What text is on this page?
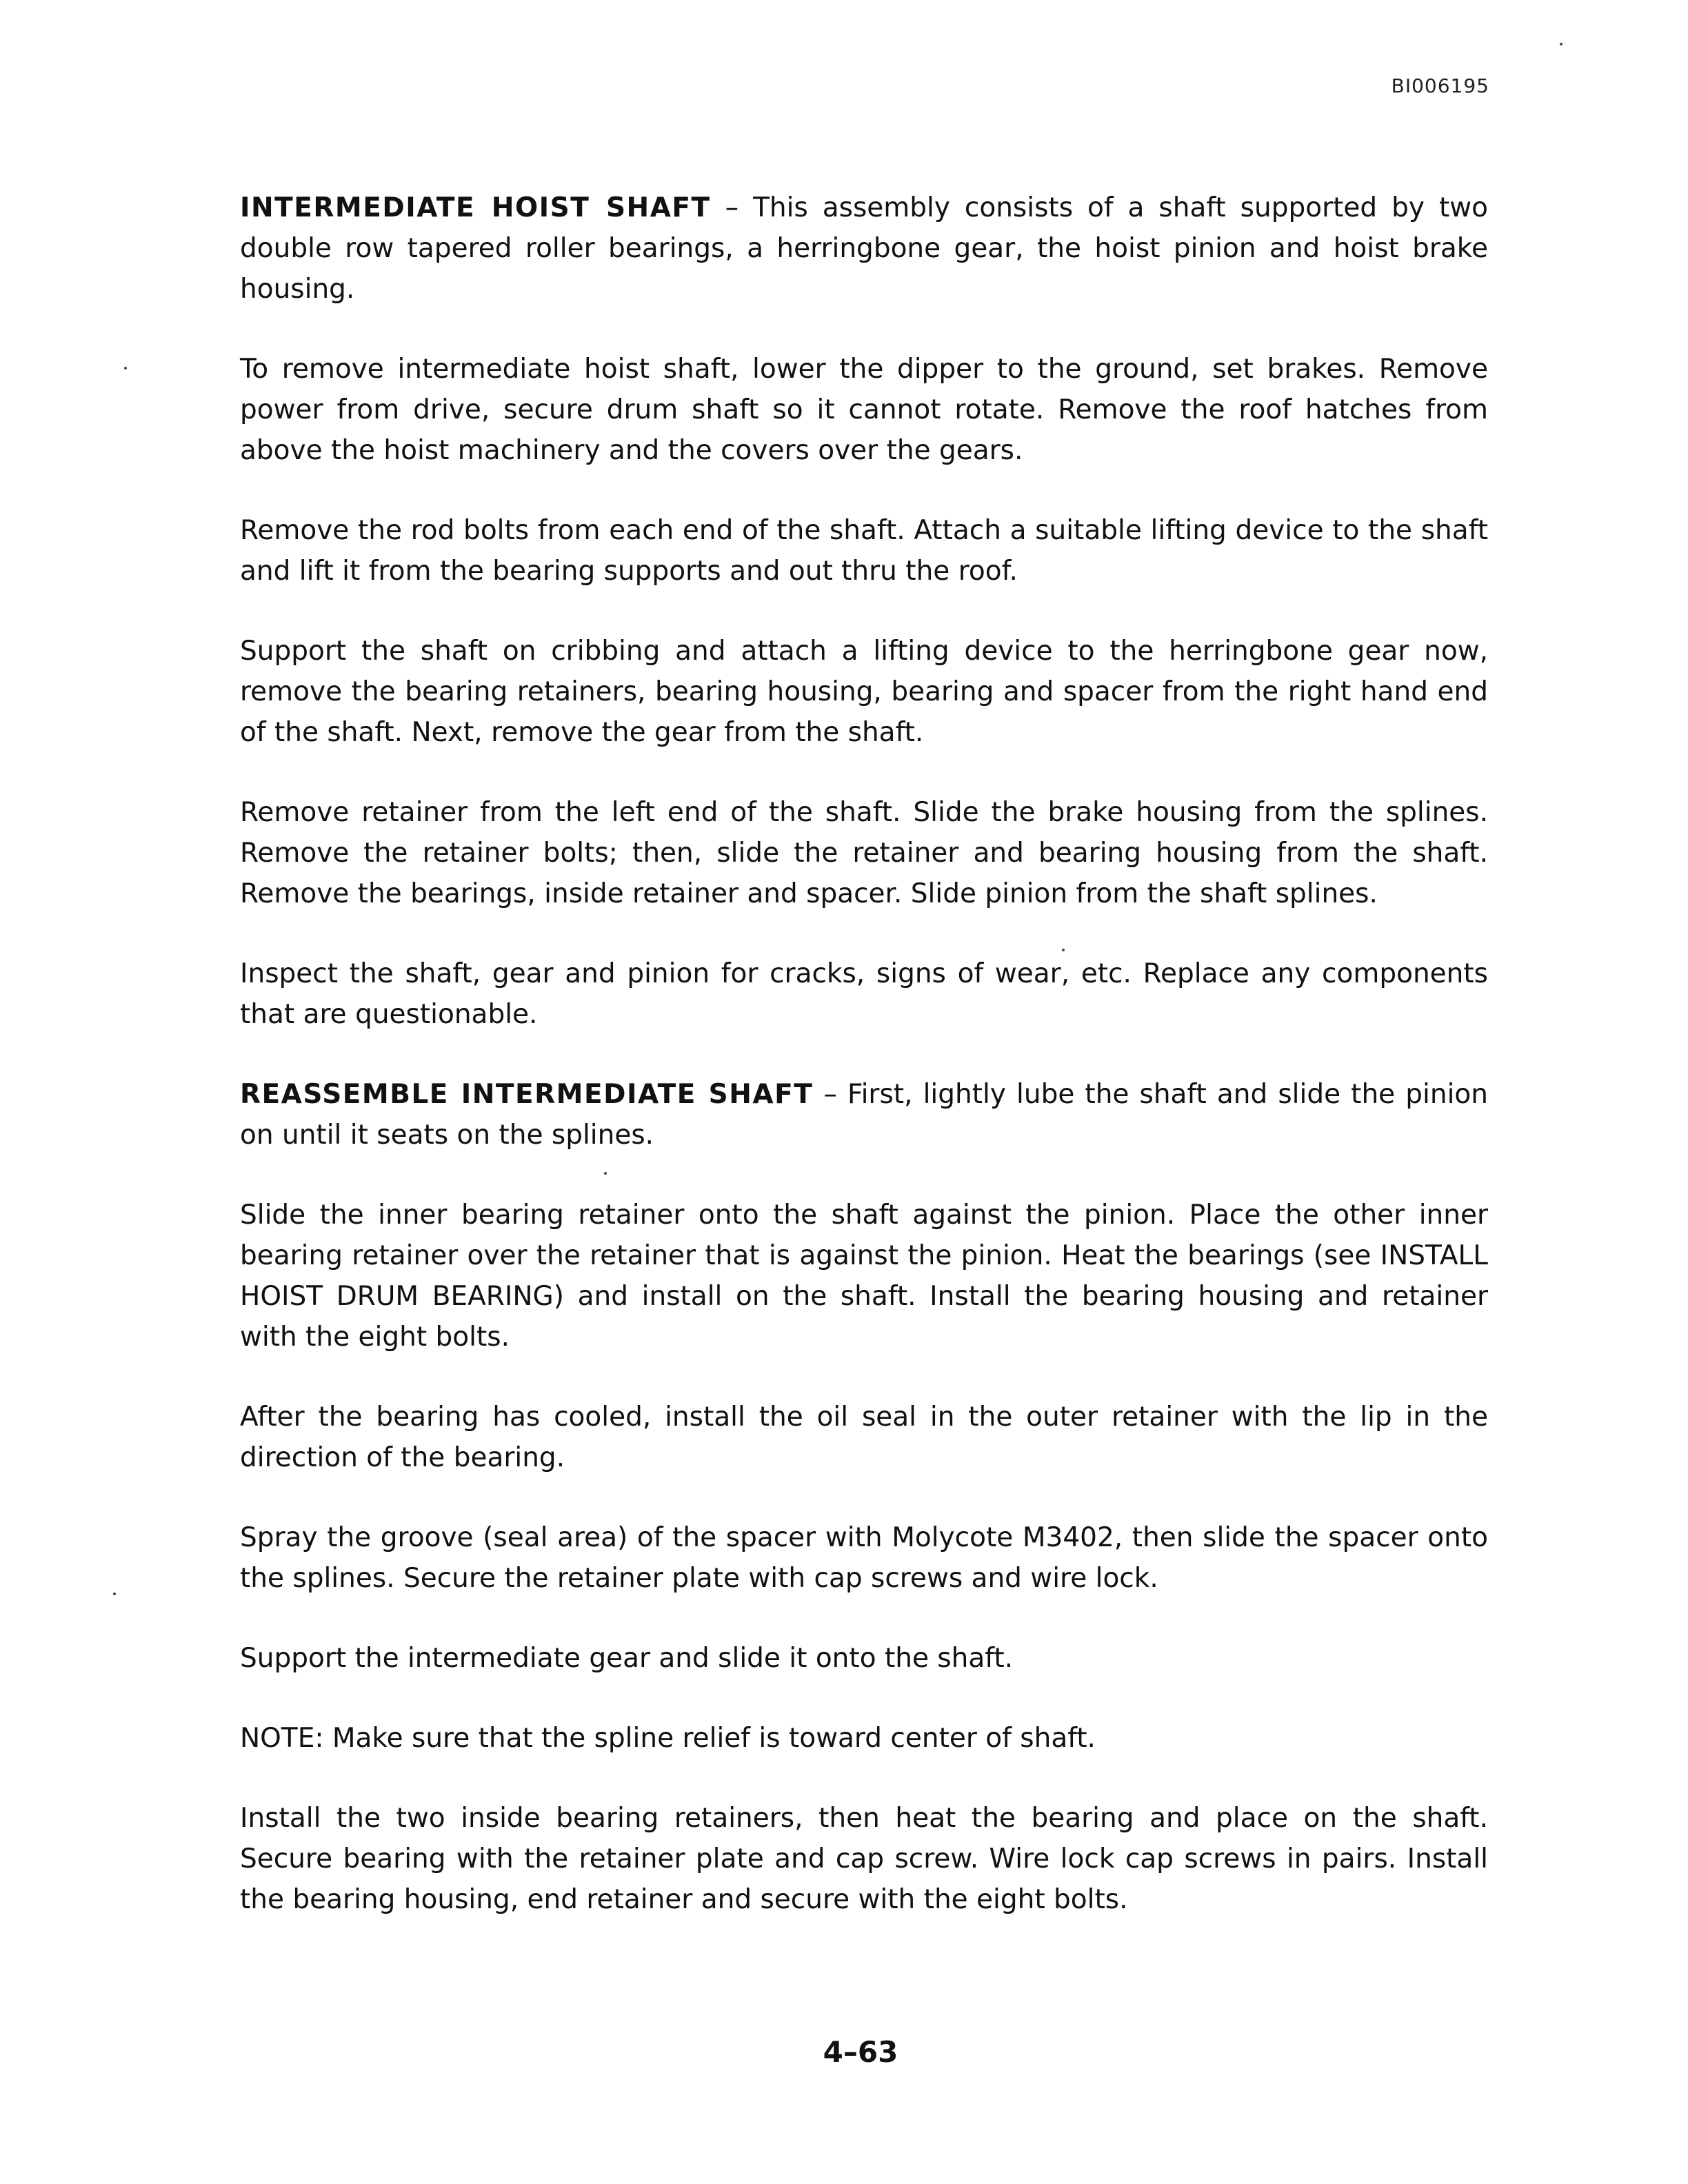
BI006195

INTERMEDIATE HOIST SHAFT – This assembly consists of a shaft supported by two double row tapered roller bearings, a herringbone gear, the hoist pinion and hoist brake housing.

To remove intermediate hoist shaft, lower the dipper to the ground, set brakes. Remove power from drive, secure drum shaft so it cannot rotate. Remove the roof hatches from above the hoist machinery and the covers over the gears.

Remove the rod bolts from each end of the shaft. Attach a suitable lifting device to the shaft and lift it from the bearing supports and out thru the roof.

Support the shaft on cribbing and attach a lifting device to the herringbone gear now, remove the bearing retainers, bearing housing, bearing and spacer from the right hand end of the shaft. Next, remove the gear from the shaft.

Remove retainer from the left end of the shaft. Slide the brake housing from the splines. Remove the retainer bolts; then, slide the retainer and bearing housing from the shaft. Remove the bearings, inside retainer and spacer. Slide pinion from the shaft splines.

Inspect the shaft, gear and pinion for cracks, signs of wear, etc. Replace any components that are questionable.

REASSEMBLE INTERMEDIATE SHAFT – First, lightly lube the shaft and slide the pinion on until it seats on the splines.

Slide the inner bearing retainer onto the shaft against the pinion. Place the other inner bearing retainer over the retainer that is against the pinion. Heat the bearings (see INSTALL HOIST DRUM BEARING) and install on the shaft. Install the bearing housing and retainer with the eight bolts.

After the bearing has cooled, install the oil seal in the outer retainer with the lip in the direction of the bearing.

Spray the groove (seal area) of the spacer with Molycote M3402, then slide the spacer onto the splines. Secure the retainer plate with cap screws and wire lock.

Support the intermediate gear and slide it onto the shaft.

NOTE: Make sure that the spline relief is toward center of shaft.

Install the two inside bearing retainers, then heat the bearing and place on the shaft. Secure bearing with the retainer plate and cap screw. Wire lock cap screws in pairs. Install the bearing housing, end retainer and secure with the eight bolts.

4–63
